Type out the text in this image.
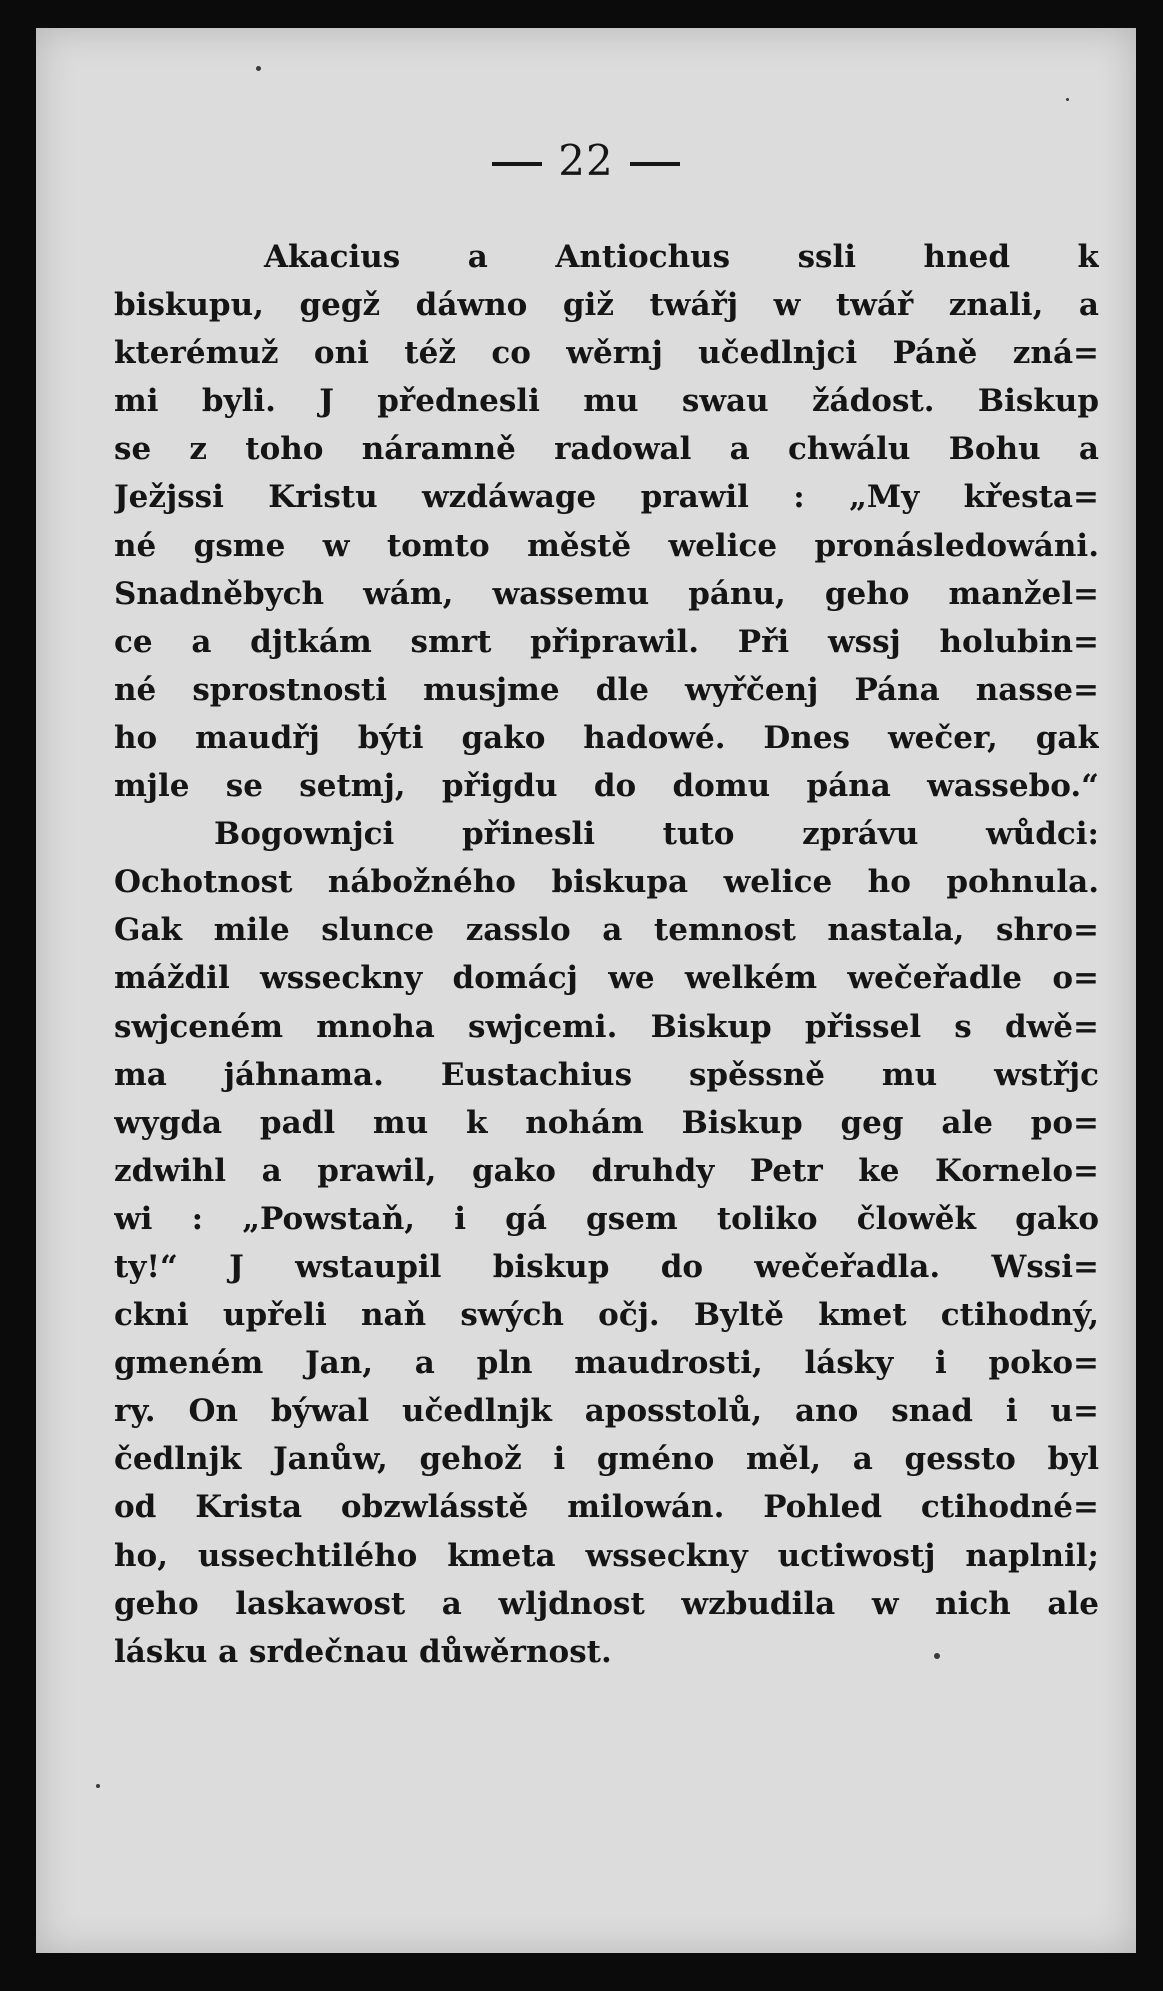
22
Akacius a Antiochus ssli hned k
biskupu, gegž dáwno giž twářj w twář znali, a
kterémuž oni též co wěrnj učedlnjci Páně zná=
mi byli. J přednesli mu swau žádost. Biskup
se z toho náramně radowal a chwálu Bohu a
Ježjssi Kristu wzdáwage prawil : „My křesta=
né gsme w tomto městě welice pronásledowáni.
Snadněbych wám, wassemu pánu, geho manžel=
ce a djtkám smrt připrawil. Při wssj holubin=
né sprostnosti musjme dle wyřčenj Pána nasse=
ho maudřj býti gako hadowé. Dnes wečer, gak
mjle se setmj, přigdu do domu pána wassebo.“
Bogownjci přinesli tuto zprávu wůdci:
Ochotnost nábožného biskupa welice ho pohnula.
Gak mile slunce zasslo a temnost nastala, shro=
máždil wsseckny domácj we welkém wečeřadle o=
swjceném mnoha swjcemi. Biskup přissel s dwě=
ma jáhnama. Eustachius spěssně mu wstřjc
wygda padl mu k nohám Biskup geg ale po=
zdwihl a prawil, gako druhdy Petr ke Kornelo=
wi : „Powstaň, i gá gsem toliko člowěk gako
ty!“ J wstaupil biskup do wečeřadla. Wssi=
ckni upřeli naň swých očj. Byltě kmet ctihodný,
gmeném Jan, a pln maudrosti, lásky i poko=
ry. On býwal učedlnjk aposstolů, ano snad i u=
čedlnjk Janůw, gehož i gméno měl, a gessto byl
od Krista obzwlásstě milowán. Pohled ctihodné=
ho, ussechtilého kmeta wsseckny uctiwostj naplnil;
geho laskawost a wljdnost wzbudila w nich ale
lásku a srdečnau důwěrnost.
